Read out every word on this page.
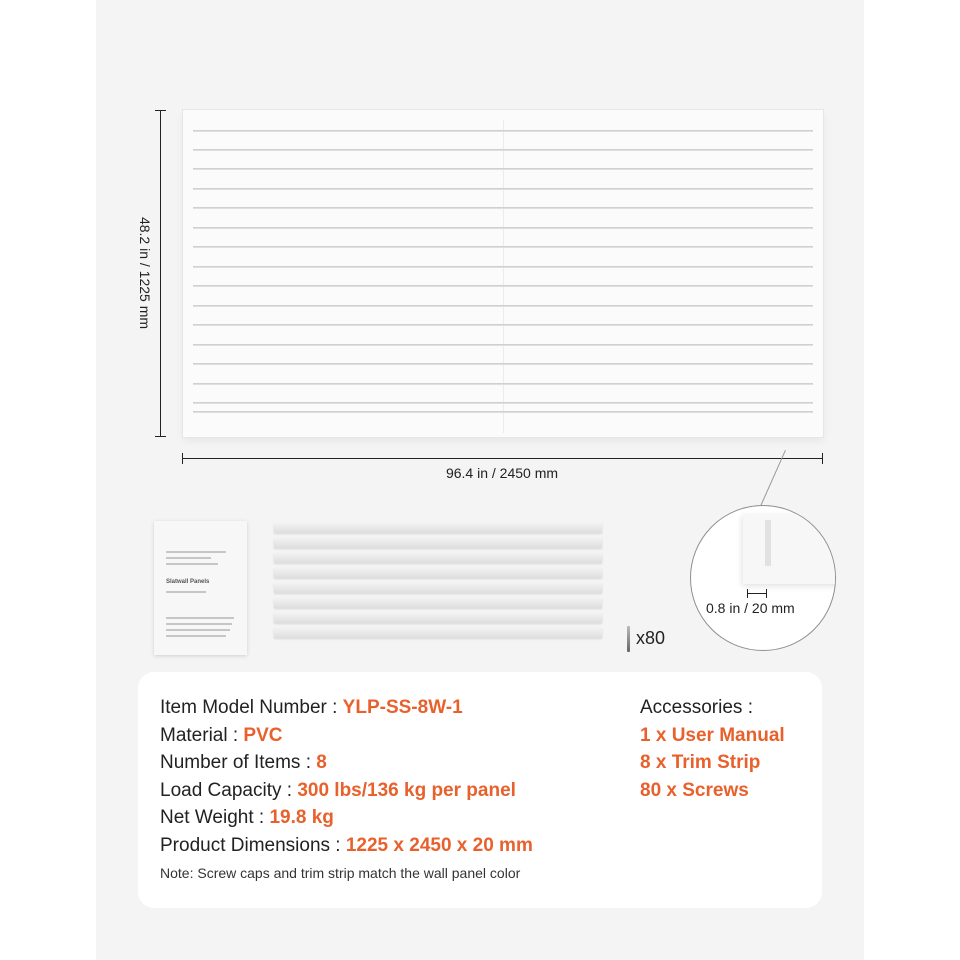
48.2 in / 1225 mm
96.4 in / 2450 mm
0.8 in / 20 mm
Slatwall Panels
x80
Item Model Number : YLP-SS-8W-1
Material : PVC
Number of Items : 8
Load Capacity : 300 lbs/136 kg per panel
Net Weight : 19.8 kg
Product Dimensions : 1225 x 2450 x 20 mm
Note: Screw caps and trim strip match the wall panel color
Accessories :
1 x User Manual
8 x Trim Strip
80 x Screws
